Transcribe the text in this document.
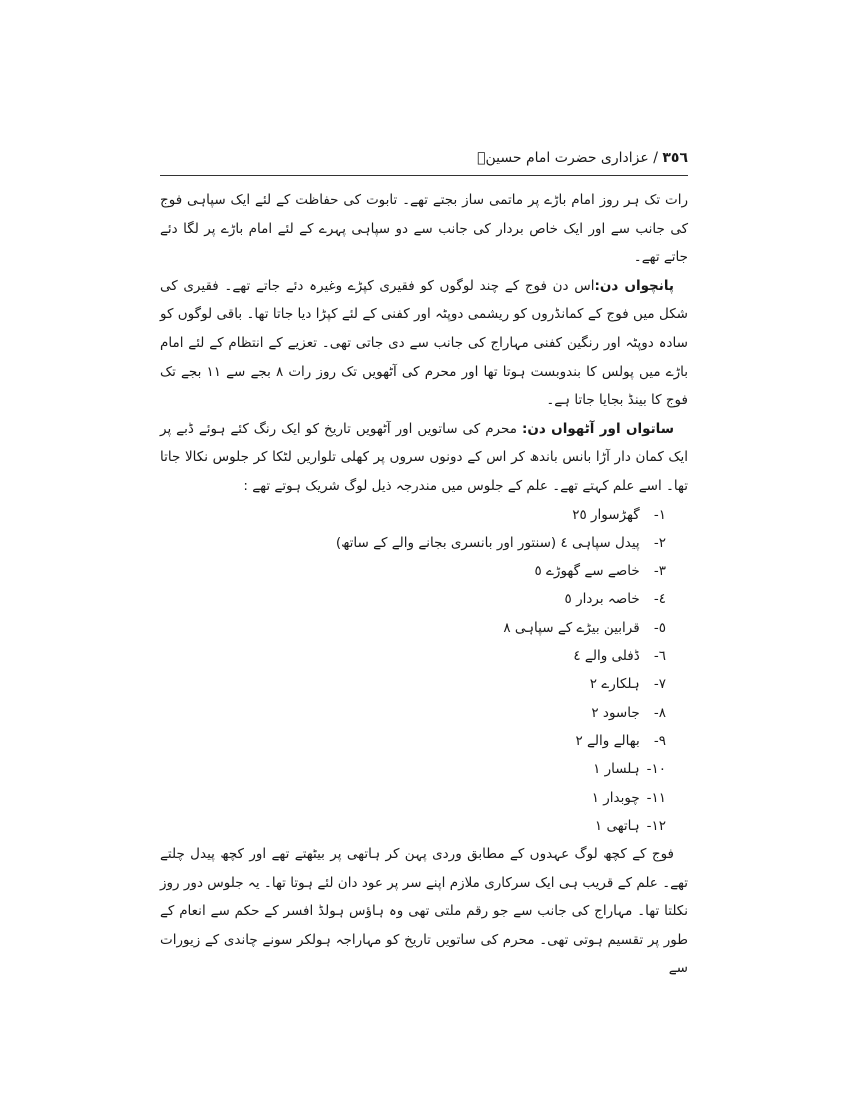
٣٥٦ / عزاداری حضرت امام حسینؑ

رات تک ہر روز امام باڑے پر ماتمی ساز بجتے تھے۔ تابوت کی حفاظت کے لئے ایک سپاہی فوج کی جانب سے اور ایک خاص بردار کی جانب سے دو سپاہی پہرے کے لئے امام باڑے پر لگا دئے جاتے تھے۔

پانچواں دن:اس دن فوج کے چند لوگوں کو فقیری کپڑے وغیرہ دئے جاتے تھے۔ فقیری کی شکل میں فوج کے کمانڈروں کو ریشمی دوپٹہ اور کفنی کے لئے کپڑا دیا جاتا تھا۔ باقی لوگوں کو سادہ دوپٹہ اور رنگین کفنی مہاراج کی جانب سے دی جاتی تھی۔ تعزیے کے انتظام کے لئے امام باڑے میں پولس کا بندوبست ہوتا تھا اور محرم کی آٹھویں تک روز رات ٨ بجے سے ١١ بجے تک فوج کا بینڈ بجایا جاتا ہے۔

ساتواں اور آٹھواں دن: محرم کی ساتویں اور آٹھویں تاریخ کو ایک رنگ کئے ہوئے ڈبے پر ایک کمان دار آڑا بانس باندھ کر اس کے دونوں سروں پر کھلی تلواریں لٹکا کر جلوس نکالا جاتا تھا۔ اسے علم کہتے تھے۔ علم کے جلوس میں مندرجہ ذیل لوگ شریک ہوتے تھے :

١- گھڑسوار ٢٥
٢- پیدل سپاہی ٤ (سنتور اور بانسری بجانے والے کے ساتھ)
٣- خاصے سے گھوڑے ٥
٤- خاصہ بردار ٥
٥- قرابین بیڑے کے سپاہی ٨
٦- ڈفلی والے ٤
٧- ہلکارے ٢
٨- جاسود ٢
٩- بھالے والے ٢
١٠- ہلسار ١
١١- چوبدار ١
١٢- ہاتھی ١

فوج کے کچھ لوگ عہدوں کے مطابق وردی پہن کر ہاتھی پر بیٹھتے تھے اور کچھ پیدل چلتے تھے۔ علم کے قریب ہی ایک سرکاری ملازم اپنے سر پر عود دان لئے ہوتا تھا۔ یہ جلوس دور روز نکلتا تھا۔ مہاراج کی جانب سے جو رقم ملتی تھی وہ ہاؤس ہولڈ افسر کے حکم سے انعام کے طور پر تقسیم ہوتی تھی۔ محرم کی ساتویں تاریخ کو مہاراجہ ہولکر سونے چاندی کے زیورات سے
